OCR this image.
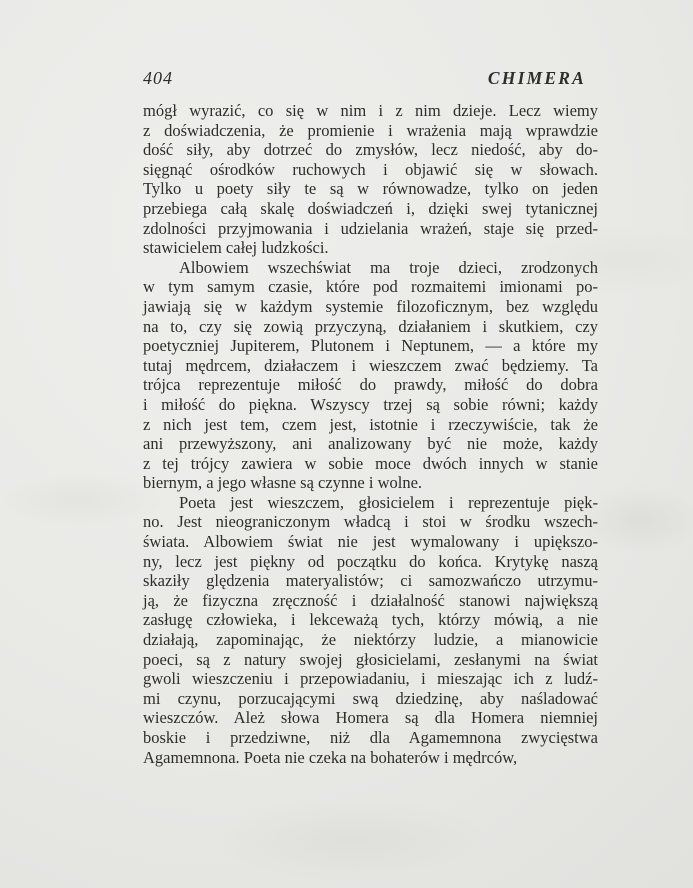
404	CHIMERA
mógł wyrazić, co się w nim i z nim dzieje. Lecz wiemy
z doświadczenia, że promienie i wrażenia mają wprawdzie
dość siły, aby dotrzeć do zmysłów, lecz niedość, aby do-
sięgnąć ośrodków ruchowych i objawić się w słowach.
Tylko u poety siły te są w równowadze, tylko on jeden
przebiega całą skalę doświadczeń i, dzięki swej tytanicznej
zdolności przyjmowania i udzielania wrażeń, staje się przed-
stawicielem całej ludzkości.
Albowiem wszechświat ma troje dzieci, zrodzonych
w tym samym czasie, które pod rozmaitemi imionami po-
jawiają się w każdym systemie filozoficznym, bez względu
na to, czy się zowią przyczyną, działaniem i skutkiem, czy
poetyczniej Jupiterem, Plutonem i Neptunem, — a które my
tutaj mędrcem, działaczem i wieszczem zwać będziemy. Ta
trójca reprezentuje miłość do prawdy, miłość do dobra
i miłość do piękna. Wszyscy trzej są sobie równi; każdy
z nich jest tem, czem jest, istotnie i rzeczywiście, tak że
ani przewyższony, ani analizowany być nie może, każdy
z tej trójcy zawiera w sobie moce dwóch innych w stanie
biernym, a jego własne są czynne i wolne.
Poeta jest wieszczem, głosicielem i reprezentuje pięk-
no. Jest nieograniczonym władcą i stoi w środku wszech-
świata. Albowiem świat nie jest wymalowany i upiększo-
ny, lecz jest piękny od początku do końca. Krytykę naszą
skaziły ględzenia materyalistów; ci samozwańczo utrzymu-
ją, że fizyczna zręczność i działalność stanowi największą
zasługę człowieka, i lekceważą tych, którzy mówią, a nie
działają, zapominając, że niektórzy ludzie, a mianowicie
poeci, są z natury swojej głosicielami, zesłanymi na świat
gwoli wieszczeniu i przepowiadaniu, i mieszając ich z ludź-
mi czynu, porzucającymi swą dziedzinę, aby naśladować
wieszczów. Ależ słowa Homera są dla Homera niemniej
boskie i przedziwne, niż dla Agamemnona zwycięstwa
Agamemnona. Poeta nie czeka na bohaterów i mędrców,
